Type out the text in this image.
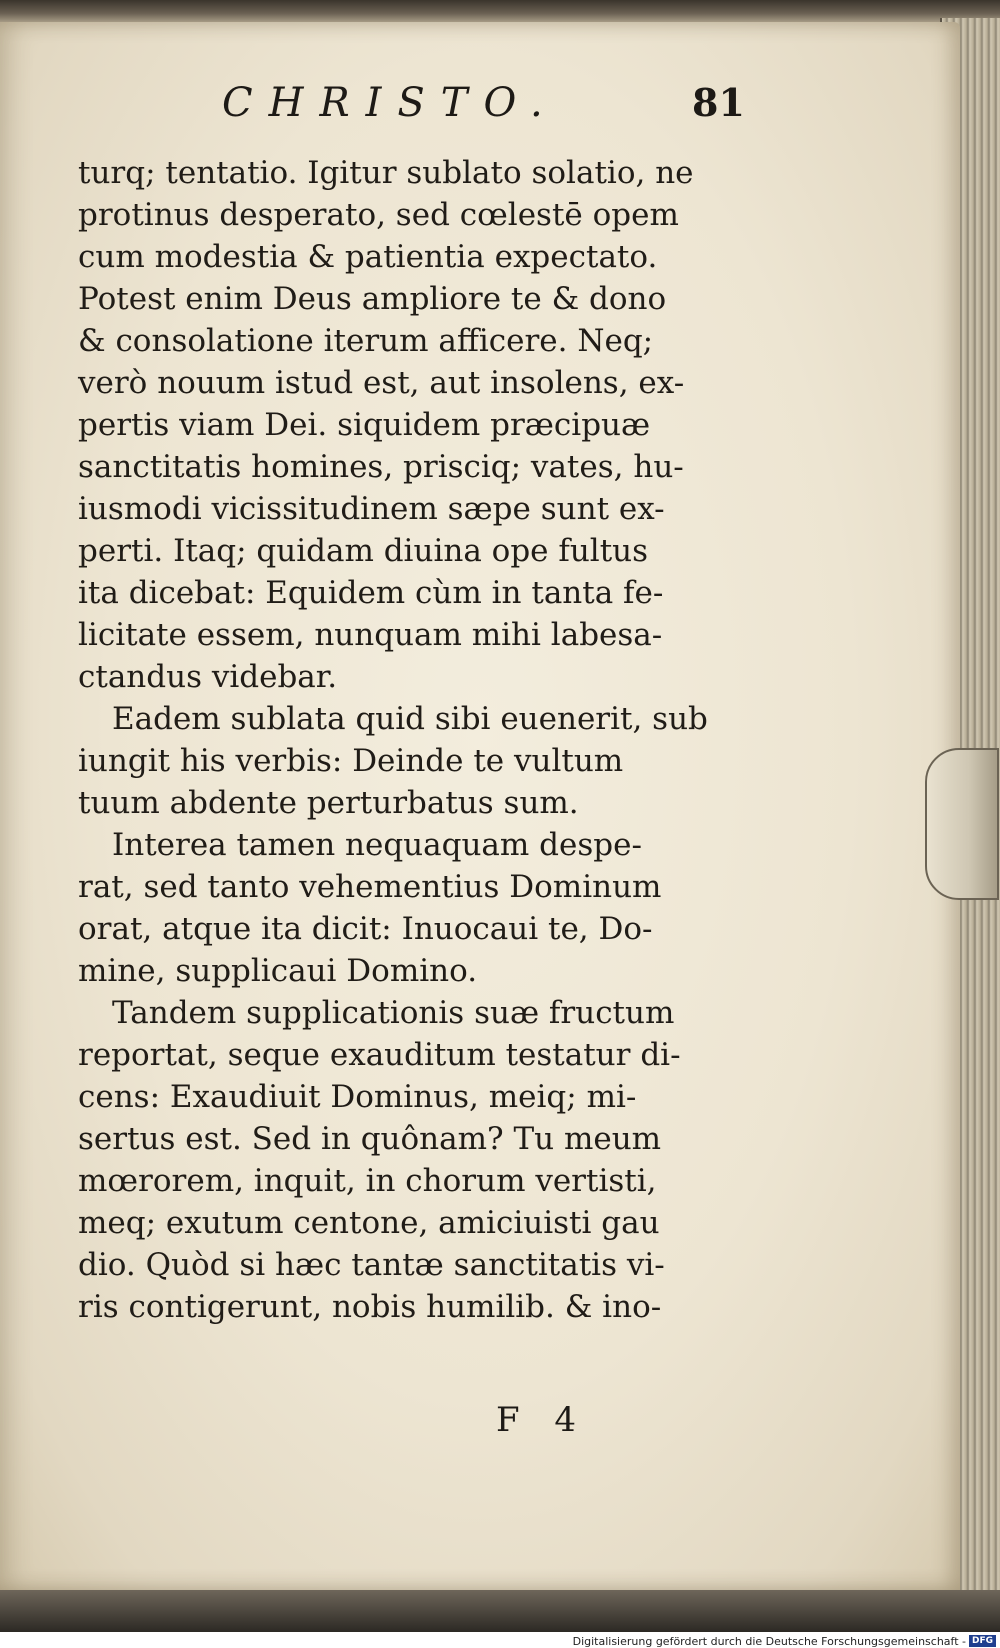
CHRISTO.	81
turq; tentatio. Igitur sublato solatio, ne
protinus desperato, sed cœlestē opem
cum modestia & patientia expectato.
Potest enim Deus ampliore te & dono
& consolatione iterum afficere. Neq;
verò nouum istud est, aut insolens, ex-
pertis viam Dei. siquidem præcipuæ
sanctitatis homines, prisciq; vates, hu-
iusmodi vicissitudinem sæpe sunt ex-
perti. Itaq; quidam diuina ope fultus
ita dicebat: Equidem cùm in tanta fe-
licitate essem, nunquam mihi labesa-
ctandus videbar.
Eadem sublata quid sibi euenerit, sub
iungit his verbis: Deinde te vultum
tuum abdente perturbatus sum.
Interea tamen nequaquam despe-
rat, sed tanto vehementius Dominum
orat, atque ita dicit: Inuocaui te, Do-
mine, supplicaui Domino.
Tandem supplicationis suæ fructum
reportat, seque exauditum testatur di-
cens: Exaudiuit Dominus, meiq; mi-
sertus est. Sed in quônam? Tu meum
mœrorem, inquit, in chorum vertisti,
meq; exutum centone, amiciuisti gau
dio. Quòd si hæc tantæ sanctitatis vi-
ris contigerunt, nobis humilib. & ino-
F 4
Digitalisierung gefördert durch die Deutsche Forschungsgemeinschaft - DFG
